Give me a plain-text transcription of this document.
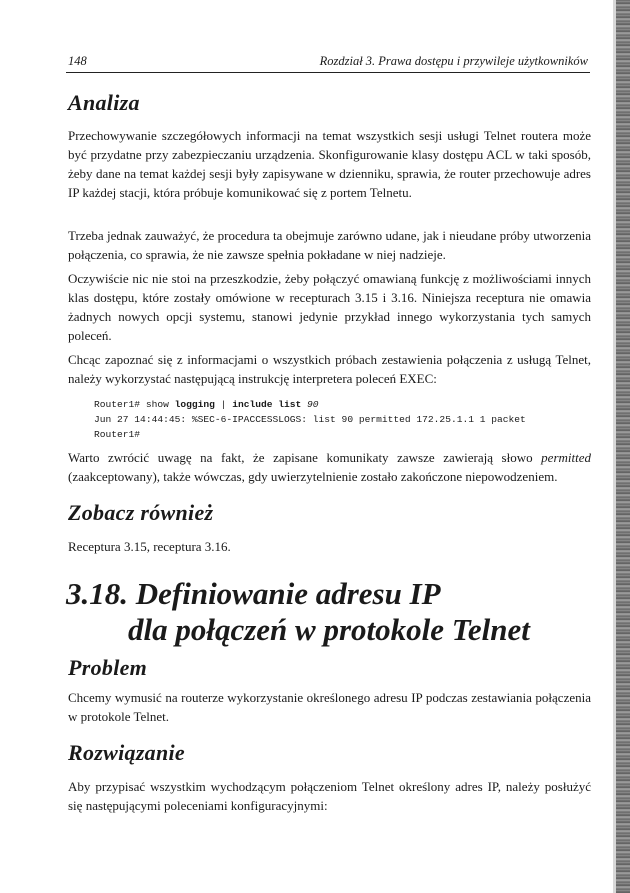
148	Rozdział 3. Prawa dostępu i przywileje użytkowników
Analiza

Przechowywanie szczegółowych informacji na temat wszystkich sesji usługi Telnet routera może być przydatne przy zabezpieczaniu urządzenia. Skonfigurowanie klasy dostępu ACL w taki sposób, żeby dane na temat każdej sesji były zapisywane w dzienniku, sprawia, że router przechowuje adres IP każdej stacji, która próbuje komunikować się z portem Telnetu.

Trzeba jednak zauważyć, że procedura ta obejmuje zarówno udane, jak i nieudane próby utworzenia połączenia, co sprawia, że nie zawsze spełnia pokładane w niej nadzieje.

Oczywiście nic nie stoi na przeszkodzie, żeby połączyć omawianą funkcję z możliwościami innych klas dostępu, które zostały omówione w recepturach 3.15 i 3.16. Niniejsza receptura nie omawia żadnych nowych opcji systemu, stanowi jedynie przykład innego wykorzystania tych samych poleceń.

Chcąc zapoznać się z informacjami o wszystkich próbach zestawienia połączenia z usługą Telnet, należy wykorzystać następującą instrukcję interpretera poleceń EXEC:

Router1# show logging | include list 90
Jun 27 14:44:45: %SEC-6-IPACCESSLOGS: list 90 permitted 172.25.1.1 1 packet
Router1#

Warto zwrócić uwagę na fakt, że zapisane komunikaty zawsze zawierają słowo permitted (zaakceptowany), także wówczas, gdy uwierzytelnienie zostało zakończone niepowodzeniem.

Zobacz również

Receptura 3.15, receptura 3.16.

3.18. Definiowanie adresu IP
dla połączeń w protokole Telnet
Problem

Chcemy wymusić na routerze wykorzystanie określonego adresu IP podczas zestawiania połączenia w protokole Telnet.

Rozwiązanie

Aby przypisać wszystkim wychodzącym połączeniom Telnet określony adres IP, należy posłużyć się następującymi poleceniami konfiguracyjnymi:
